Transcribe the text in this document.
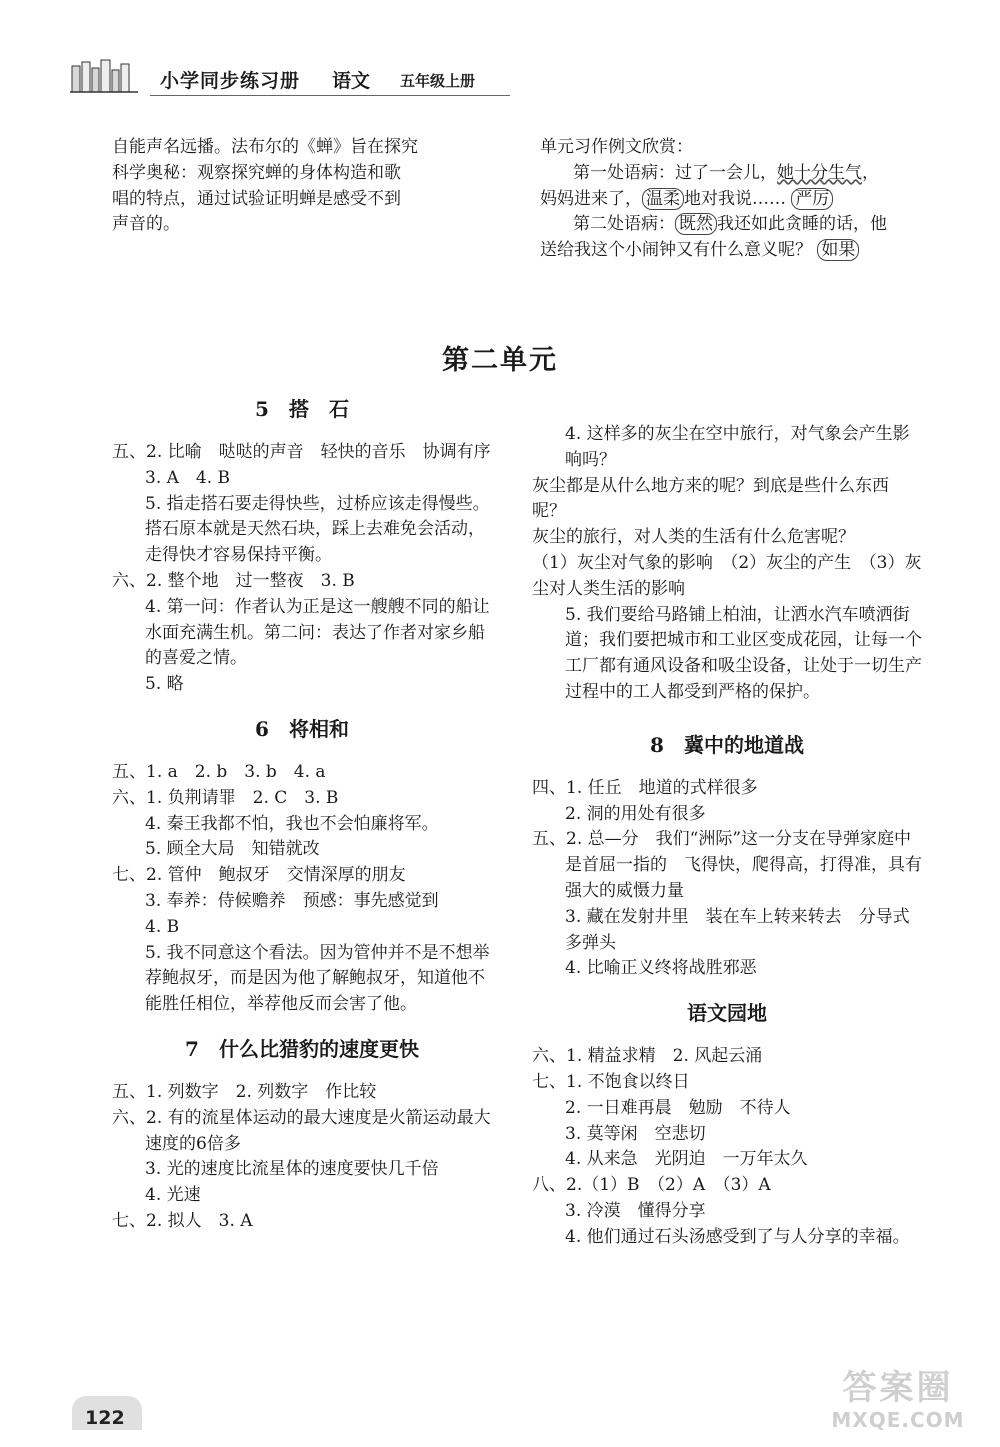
小学同步练习册 语文 五年级上册

自能声名远播。法布尔的《蝉》旨在探究

科学奥秘：观察探究蝉的身体构造和歌

唱的特点，通过试验证明蝉是感受不到

声音的。

单元习作例文欣赏：

第一处语病：过了一会儿，她十分生气，

妈妈进来了， 温柔 地对我说…… 严厉

第二处语病： 既然 我还如此贪睡的话，他

送给我这个小闹钟又有什么意义呢？ 如果

第二单元
5　搭　石

五、2. 比喻　哒哒的声音　轻快的音乐　协调有序

3. A　4. B

5. 指走搭石要走得快些，过桥应该走得慢些。搭石原本就是天然石块，踩上去难免会活动，走得快才容易保持平衡。

六、2. 整个地　过一整夜　3. B

4. 第一问：作者认为正是这一艘艘不同的船让水面充满生机。第二问：表达了作者对家乡船的喜爱之情。

5. 略

6　将相和

五、1. a　2. b　3. b　4. a

六、1. 负荆请罪　2. C　3. B

4. 秦王我都不怕，我也不会怕廉将军。

5. 顾全大局　知错就改

七、2. 管仲　鲍叔牙　交情深厚的朋友

3. 奉养：侍候赡养　预感：事先感觉到

4. B

5. 我不同意这个看法。因为管仲并不是不想举荐鲍叔牙，而是因为他了解鲍叔牙，知道他不能胜任相位，举荐他反而会害了他。

7　什么比猎豹的速度更快

五、1. 列数字　2. 列数字　作比较

六、2. 有的流星体运动的最大速度是火箭运动最大速度的6倍多

3. 光的速度比流星体的速度要快几千倍

4. 光速

七、2. 拟人　3. A

4. 这样多的灰尘在空中旅行，对气象会产生影响吗？

灰尘都是从什么地方来的呢？到底是些什么东西呢？

灰尘的旅行，对人类的生活有什么危害呢？

（1）灰尘对气象的影响　（2）灰尘的产生　（3）灰尘对人类生活的影响

5. 我们要给马路铺上柏油，让洒水汽车喷洒街道；我们要把城市和工业区变成花园，让每一个工厂都有通风设备和吸尘设备，让处于一切生产过程中的工人都受到严格的保护。

8　冀中的地道战

四、1. 任丘　地道的式样很多

2. 洞的用处有很多

五、2. 总—分　我们“洲际”这一分支在导弹家庭中是首屈一指的　飞得快，爬得高，打得准，具有强大的威慑力量

3. 藏在发射井里　装在车上转来转去　分导式多弹头

4. 比喻正义终将战胜邪恶

语文园地

六、1. 精益求精　2. 风起云涌

七、1. 不饱食以终日

2. 一日难再晨　勉励　不待人

3. 莫等闲　空悲切

4. 从来急　光阴迫　一万年太久

八、2.（1）B　（2）A　（3）A

3. 冷漠　懂得分享

4. 他们通过石头汤感受到了与人分享的幸福。

122
答案圈
MXQE.COM
